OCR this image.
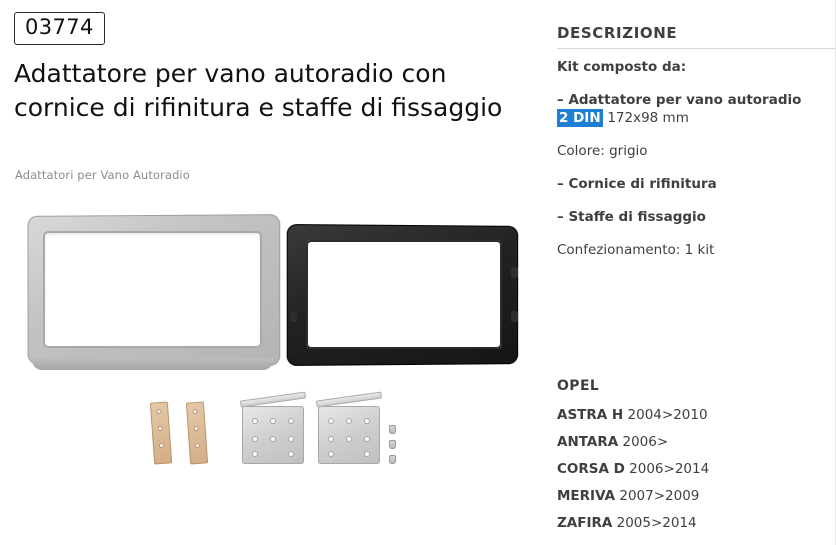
03774
Adattatore per vano autoradio con cornice di rifinitura e staffe di fissaggio
Adattatori per Vano Autoradio
DESCRIZIONE

Kit composto da:

– Adattatore per vano autoradio
2 DIN 172x98 mm

Colore: grigio

– Cornice di rifinitura

– Staffe di fissaggio

Confezionamento: 1 kit

OPEL
ASTRA H 2004>2010
ANTARA 2006>
CORSA D 2006>2014
MERIVA 2007>2009
ZAFIRA 2005>2014
